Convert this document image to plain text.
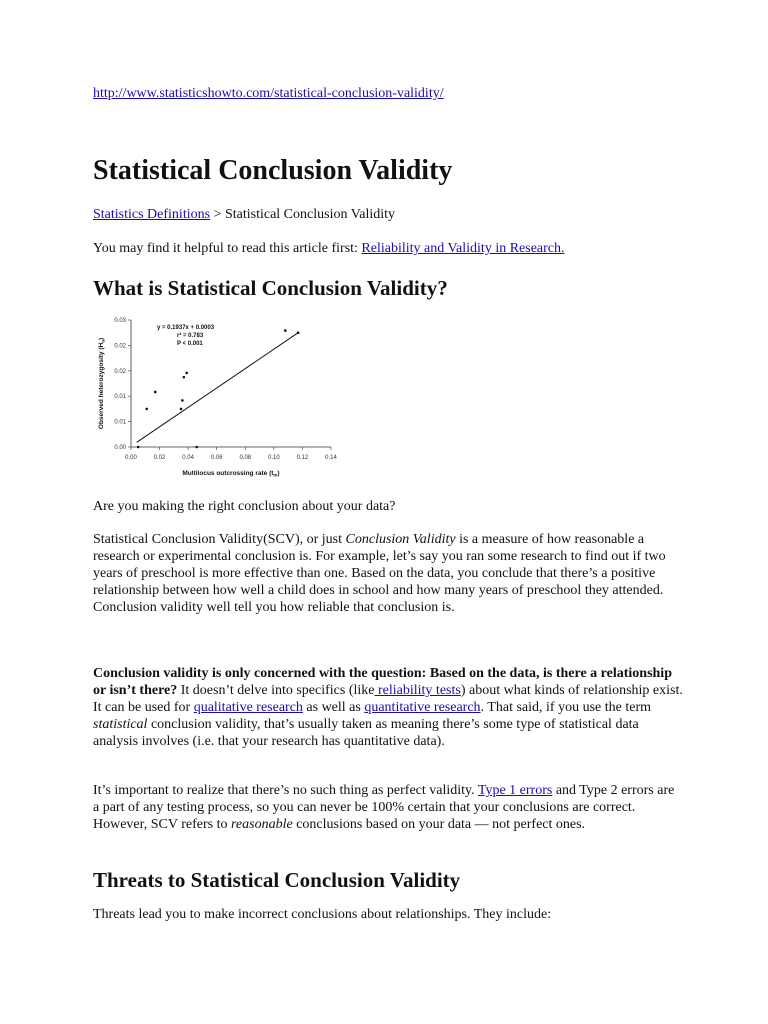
http://www.statisticshowto.com/statistical-conclusion-validity/
Statistical Conclusion Validity
Statistics Definitions > Statistical Conclusion Validity
You may find it helpful to read this article first: Reliability and Validity in Research.
What is Statistical Conclusion Validity?
0.00	0.02	0.04	0.06	0.08	0.10	0.12	0.14
0.00
0.01
0.01
0.02
0.02
0.03
y = 0.1937x + 0.0003
r² = 0.783
P < 0.001
Multilocus outcrossing rate $(t_m)$
Observed heterozygosity $(H_o)$
Are you making the right conclusion about your data?
Statistical Conclusion Validity(SCV), or just Conclusion Validity is a measure of how reasonable a research or experimental conclusion is. For example, let’s say you ran some research to find out if two years of preschool is more effective than one. Based on the data, you conclude that there’s a positive relationship between how well a child does in school and how many years of preschool they attended. Conclusion validity well tell you how reliable that conclusion is.
Conclusion validity is only concerned with the question: Based on the data, is there a relationship or isn’t there? It doesn’t delve into specifics (like reliability tests) about what kinds of relationship exist. It can be used for qualitative research as well as quantitative research. That said, if you use the term statistical conclusion validity, that’s usually taken as meaning there’s some type of statistical data analysis involves (i.e. that your research has quantitative data).
It’s important to realize that there’s no such thing as perfect validity. Type 1 errors and Type 2 errors are a part of any testing process, so you can never be 100% certain that your conclusions are correct. However, SCV refers to reasonable conclusions based on your data — not perfect ones.
Threats to Statistical Conclusion Validity
Threats lead you to make incorrect conclusions about relationships. They include:
